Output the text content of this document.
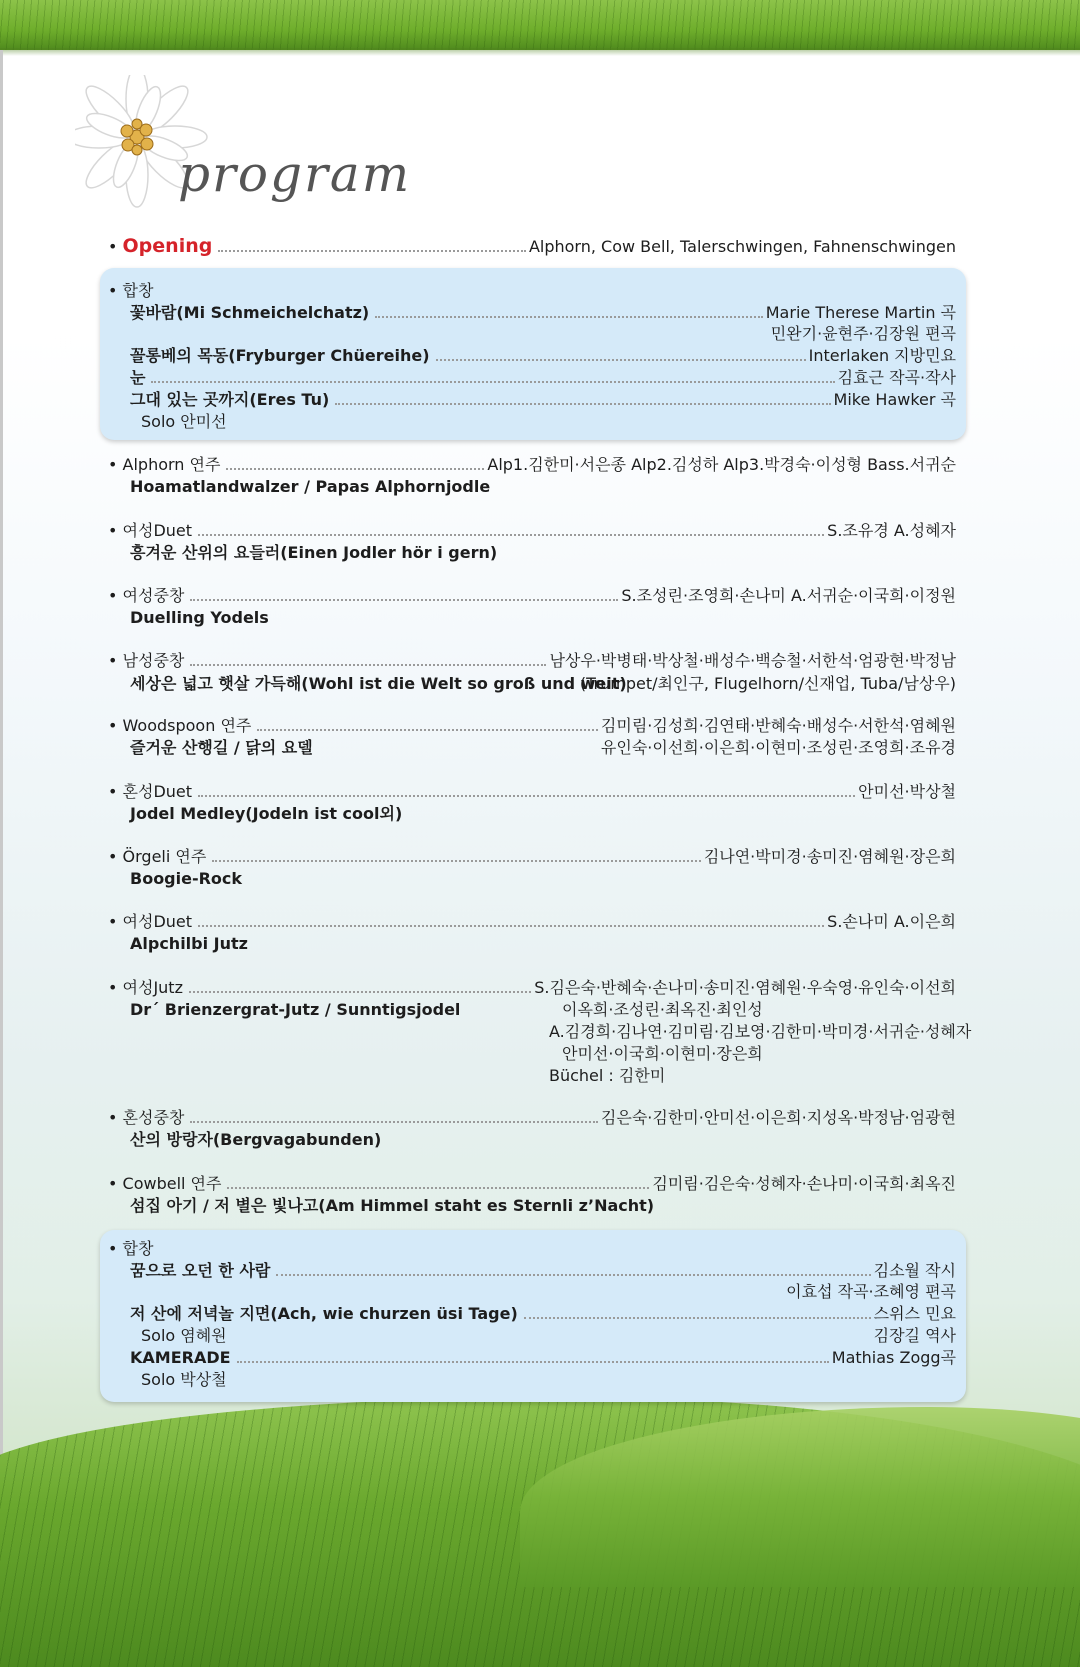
program
• Opening	Alphorn, Cow Bell, Talerschwingen, Fahnenschwingen
• 합창
꽃바람(Mi Schmeichelchatz)	Marie Therese Martin 곡
민완기·윤현주·김장원 편곡
꼴롱베의 목동(Fryburger Chüereihe)	Interlaken 지방민요
눈	김효근 작곡·작사
그대 있는 곳까지(Eres Tu)	Mike Hawker 곡
Solo 안미선
• Alphorn 연주	Alp1.김한미·서은종 Alp2.김성하 Alp3.박경숙·이성형 Bass.서귀순
Hoamatlandwalzer / Papas Alphornjodle
• 여성Duet	S.조유경 A.성혜자
흥겨운 산위의 요들러(Einen Jodler hör i gern)
• 여성중창	S.조성린·조영희·손나미 A.서귀순·이국희·이정원
Duelling Yodels
• 남성중창	남상우·박병태·박상철·배성수·백승철·서한석·엄광현·박정남
세상은 넓고 햇살 가득해(Wohl ist die Welt so groß und weit)
(Trumpet/최인구, Flugelhorn/신재업, Tuba/남상우)
• Woodspoon 연주	김미림·김성희·김연태·반혜숙·배성수·서한석·염혜원
즐거운 산행길 / 닭의 요델	유인숙·이선희·이은희·이현미·조성린·조영희·조유경
• 혼성Duet	안미선·박상철
Jodel Medley(Jodeln ist cool외)
• Örgeli 연주	김나연·박미경·송미진·염혜원·장은희
Boogie-Rock
• 여성Duet	S.손나미 A.이은희
Alpchilbi Jutz
• 여성Jutz	S.김은숙·반혜숙·손나미·송미진·염혜원·우숙영·유인숙·이선희
Dr´ Brienzergrat-Jutz / Sunntigsjodel	이옥희·조성린·최옥진·최인성
A.김경희·김나연·김미림·김보영·김한미·박미경·서귀순·성혜자
안미선·이국희·이현미·장은희
Büchel : 김한미
• 혼성중창	김은숙·김한미·안미선·이은희·지성옥·박정남·엄광현
산의 방랑자(Bergvagabunden)
• Cowbell 연주	김미림·김은숙·성혜자·손나미·이국희·최옥진
섬집 아기 / 저 별은 빛나고(Am Himmel staht es Sternli z’Nacht)
• 합창
꿈으로 오던 한 사람	김소월 작시
이효섭 작곡·조혜영 편곡
저 산에 저녁놀 지면(Ach, wie churzen üsi Tage)	스위스 민요
Solo 염혜원	김장길 역사
KAMERADE	Mathias Zogg곡
Solo 박상철
